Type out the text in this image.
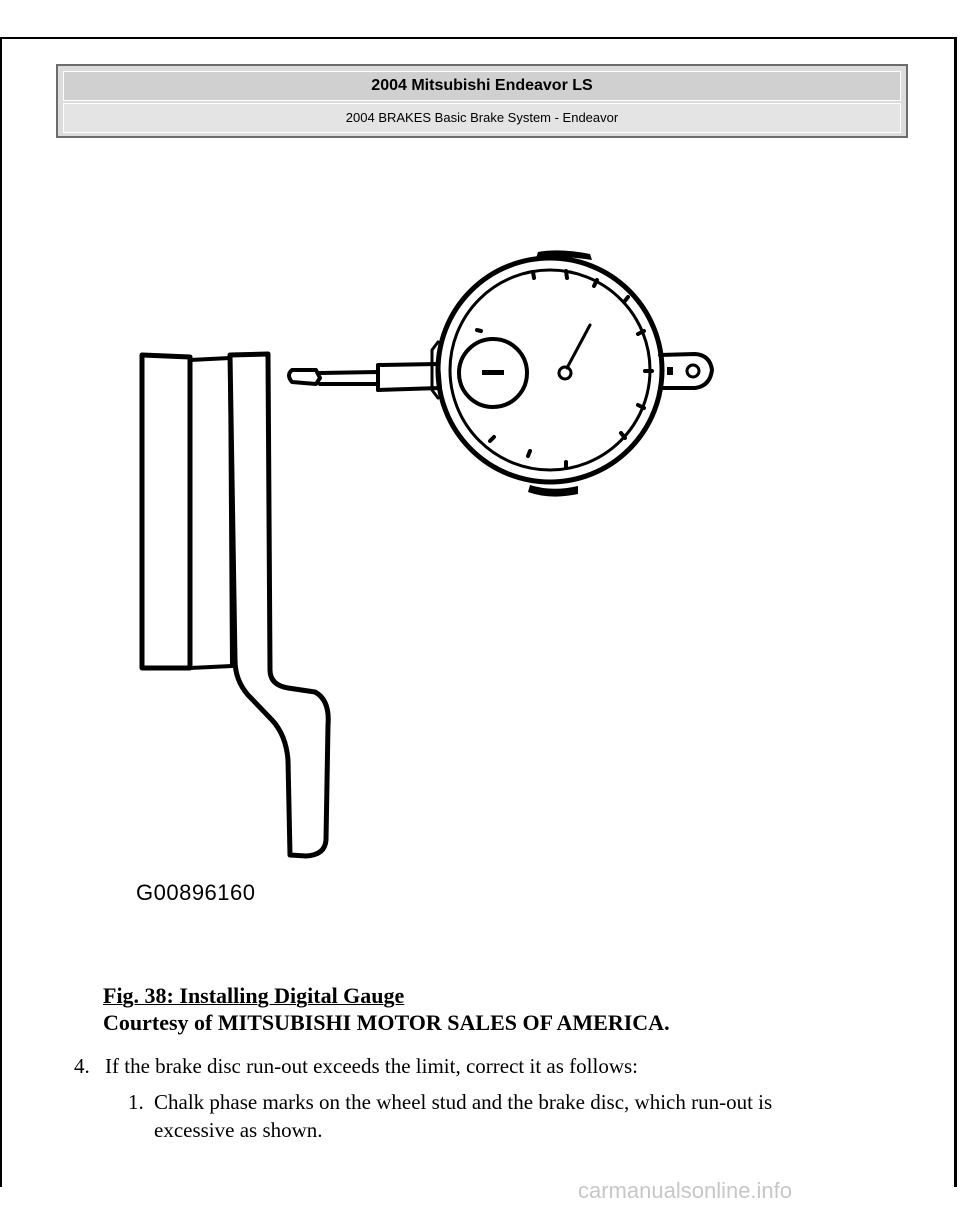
2004 Mitsubishi Endeavor LS
2004 BRAKES Basic Brake System - Endeavor
G00896160
Fig. 38: Installing Digital Gauge
Courtesy of MITSUBISHI MOTOR SALES OF AMERICA.
4. If the brake disc run-out exceeds the limit, correct it as follows:
1. Chalk phase marks on the wheel stud and the brake disc, which run-out is
excessive as shown.
carmanualsonline.info
